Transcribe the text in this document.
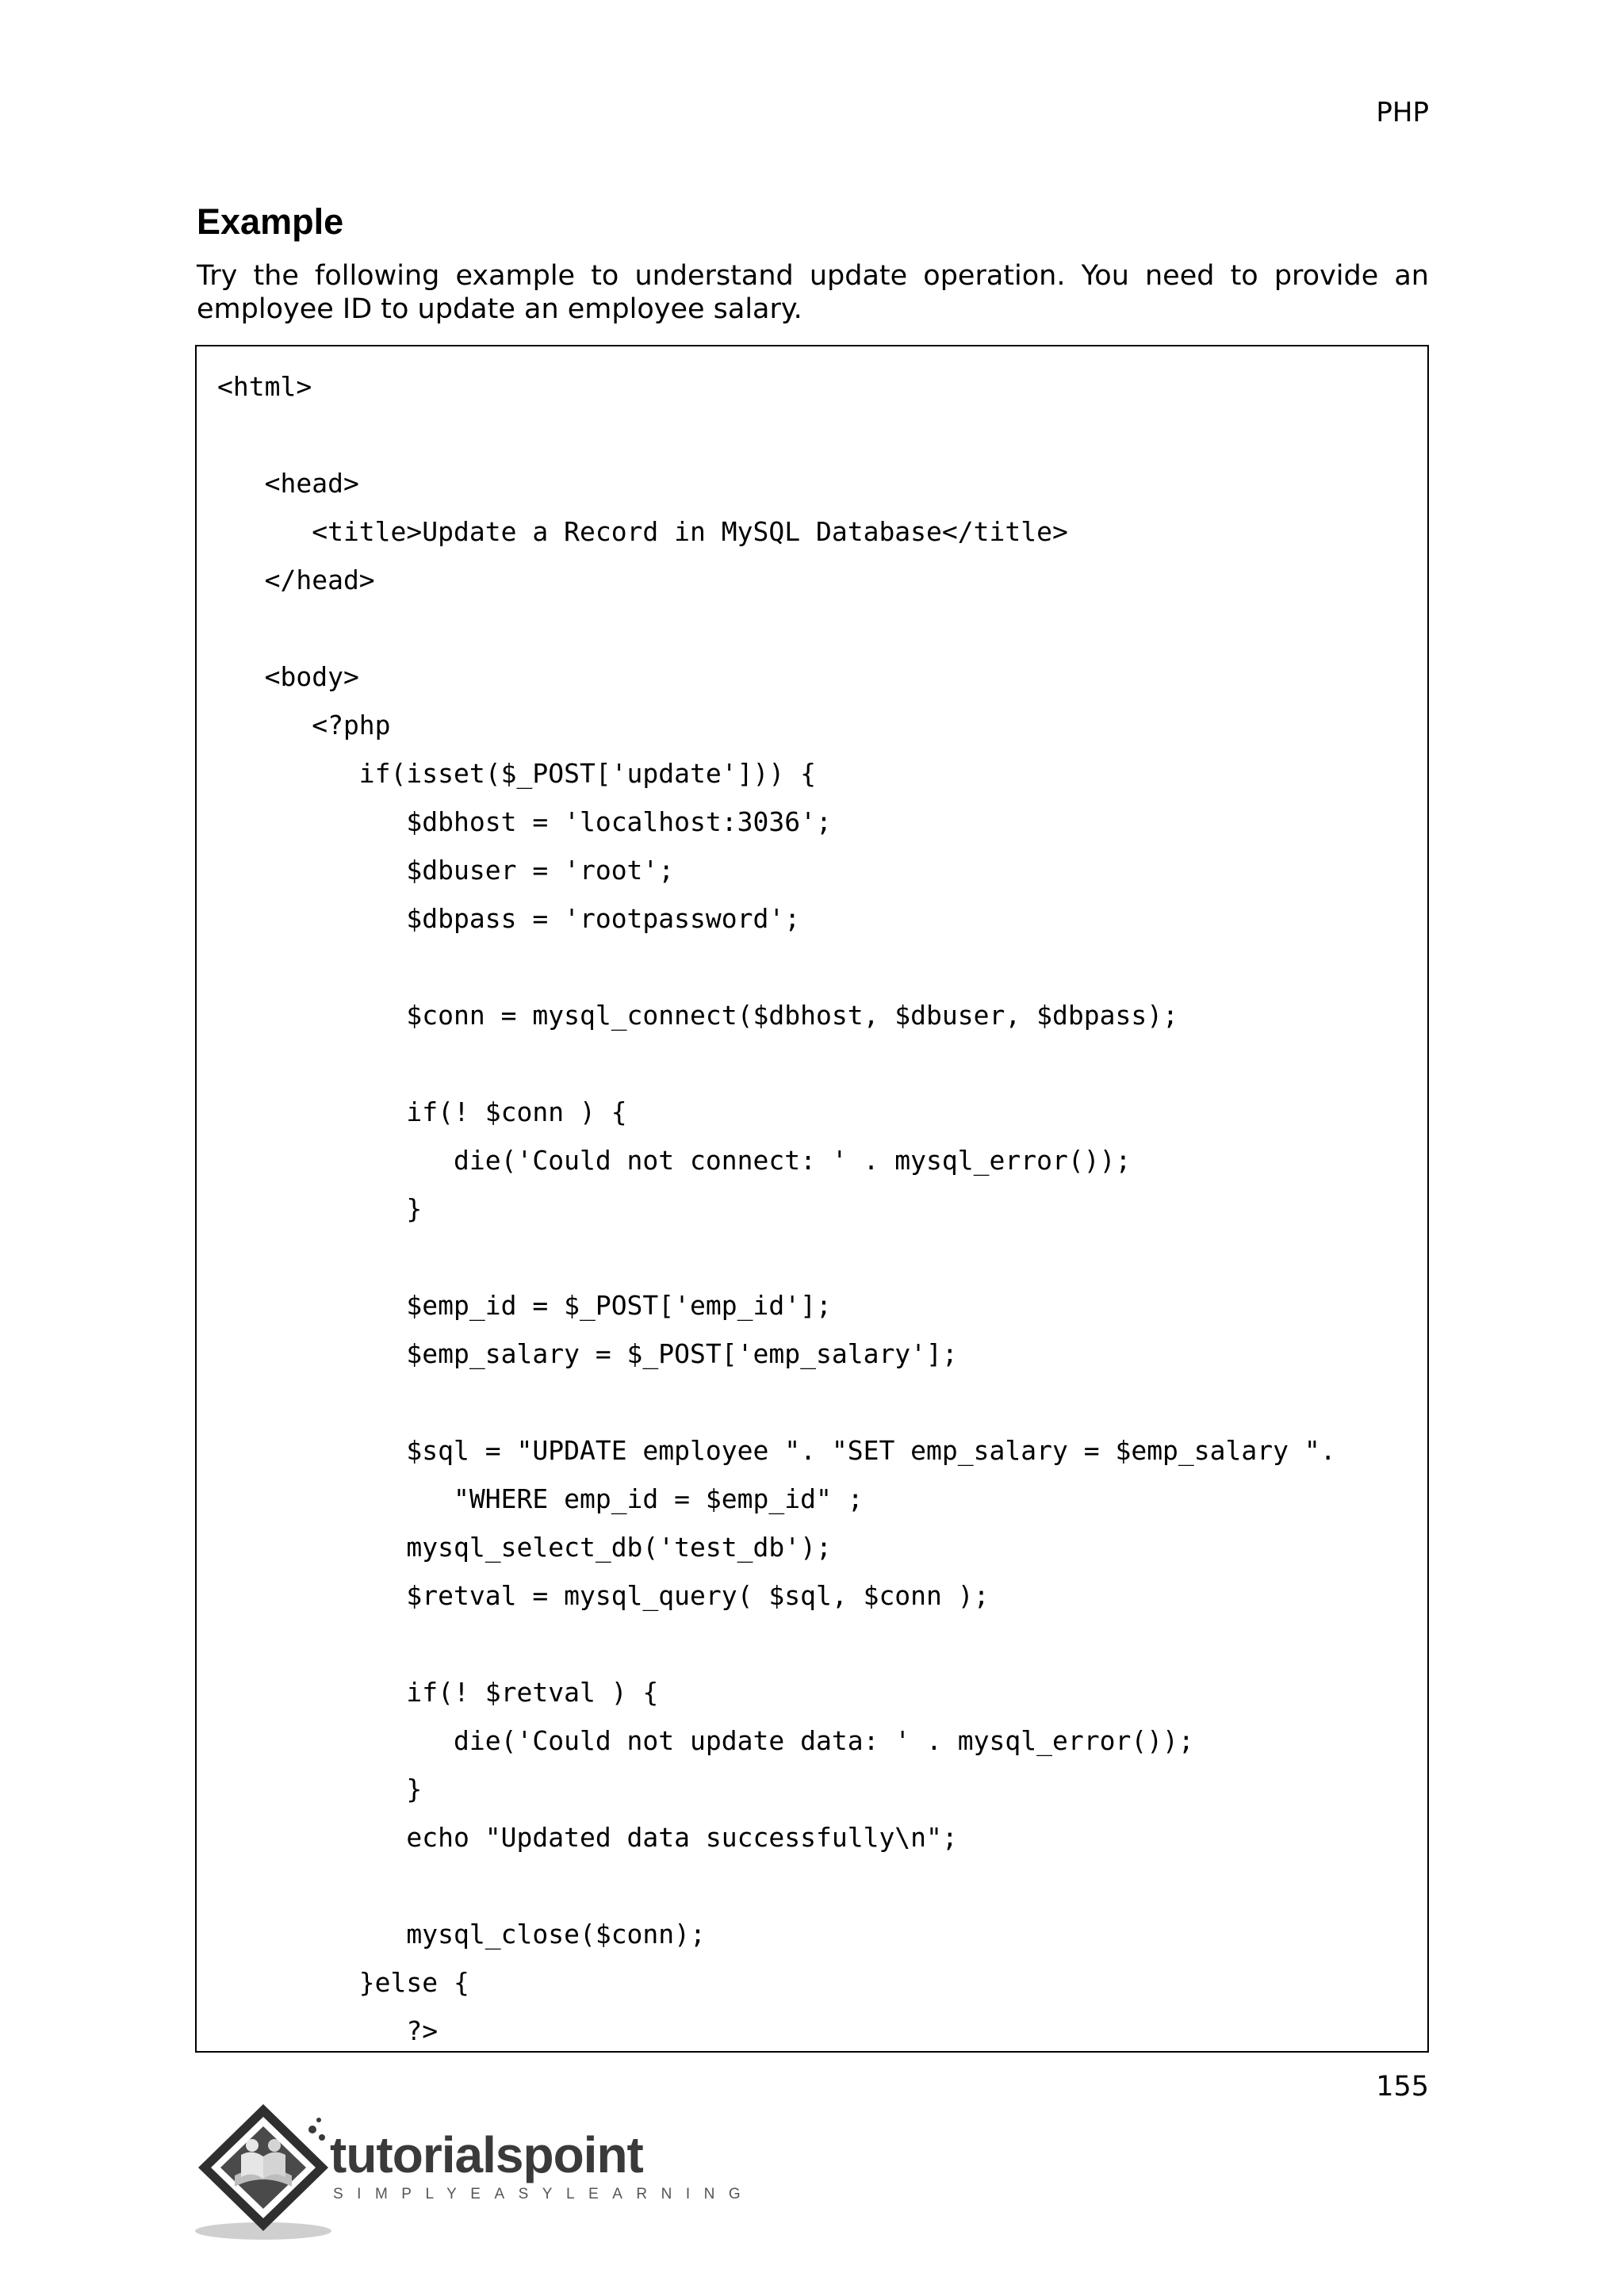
PHP
Example

Try the following example to understand update operation. You need to provide an employee ID to update an employee salary.

<html>
<head>
<title>Update a Record in MySQL Database</title>
</head>
<body>
<?php
if(isset($_POST['update'])) {
$dbhost = 'localhost:3036';
$dbuser = 'root';
$dbpass = 'rootpassword';
$conn = mysql_connect($dbhost, $dbuser, $dbpass);
if(! $conn ) {
die('Could not connect: ' . mysql_error());
}
$emp_id = $_POST['emp_id'];
$emp_salary = $_POST['emp_salary'];
$sql = "UPDATE employee ". "SET emp_salary = $emp_salary ".
"WHERE emp_id = $emp_id" ;
mysql_select_db('test_db');
$retval = mysql_query( $sql, $conn );
if(! $retval ) {
die('Could not update data: ' . mysql_error());
}
echo "Updated data successfully\n";
mysql_close($conn);
}else {
?>
155
tutorialspoint
SIMPLYEASYLEARNING
